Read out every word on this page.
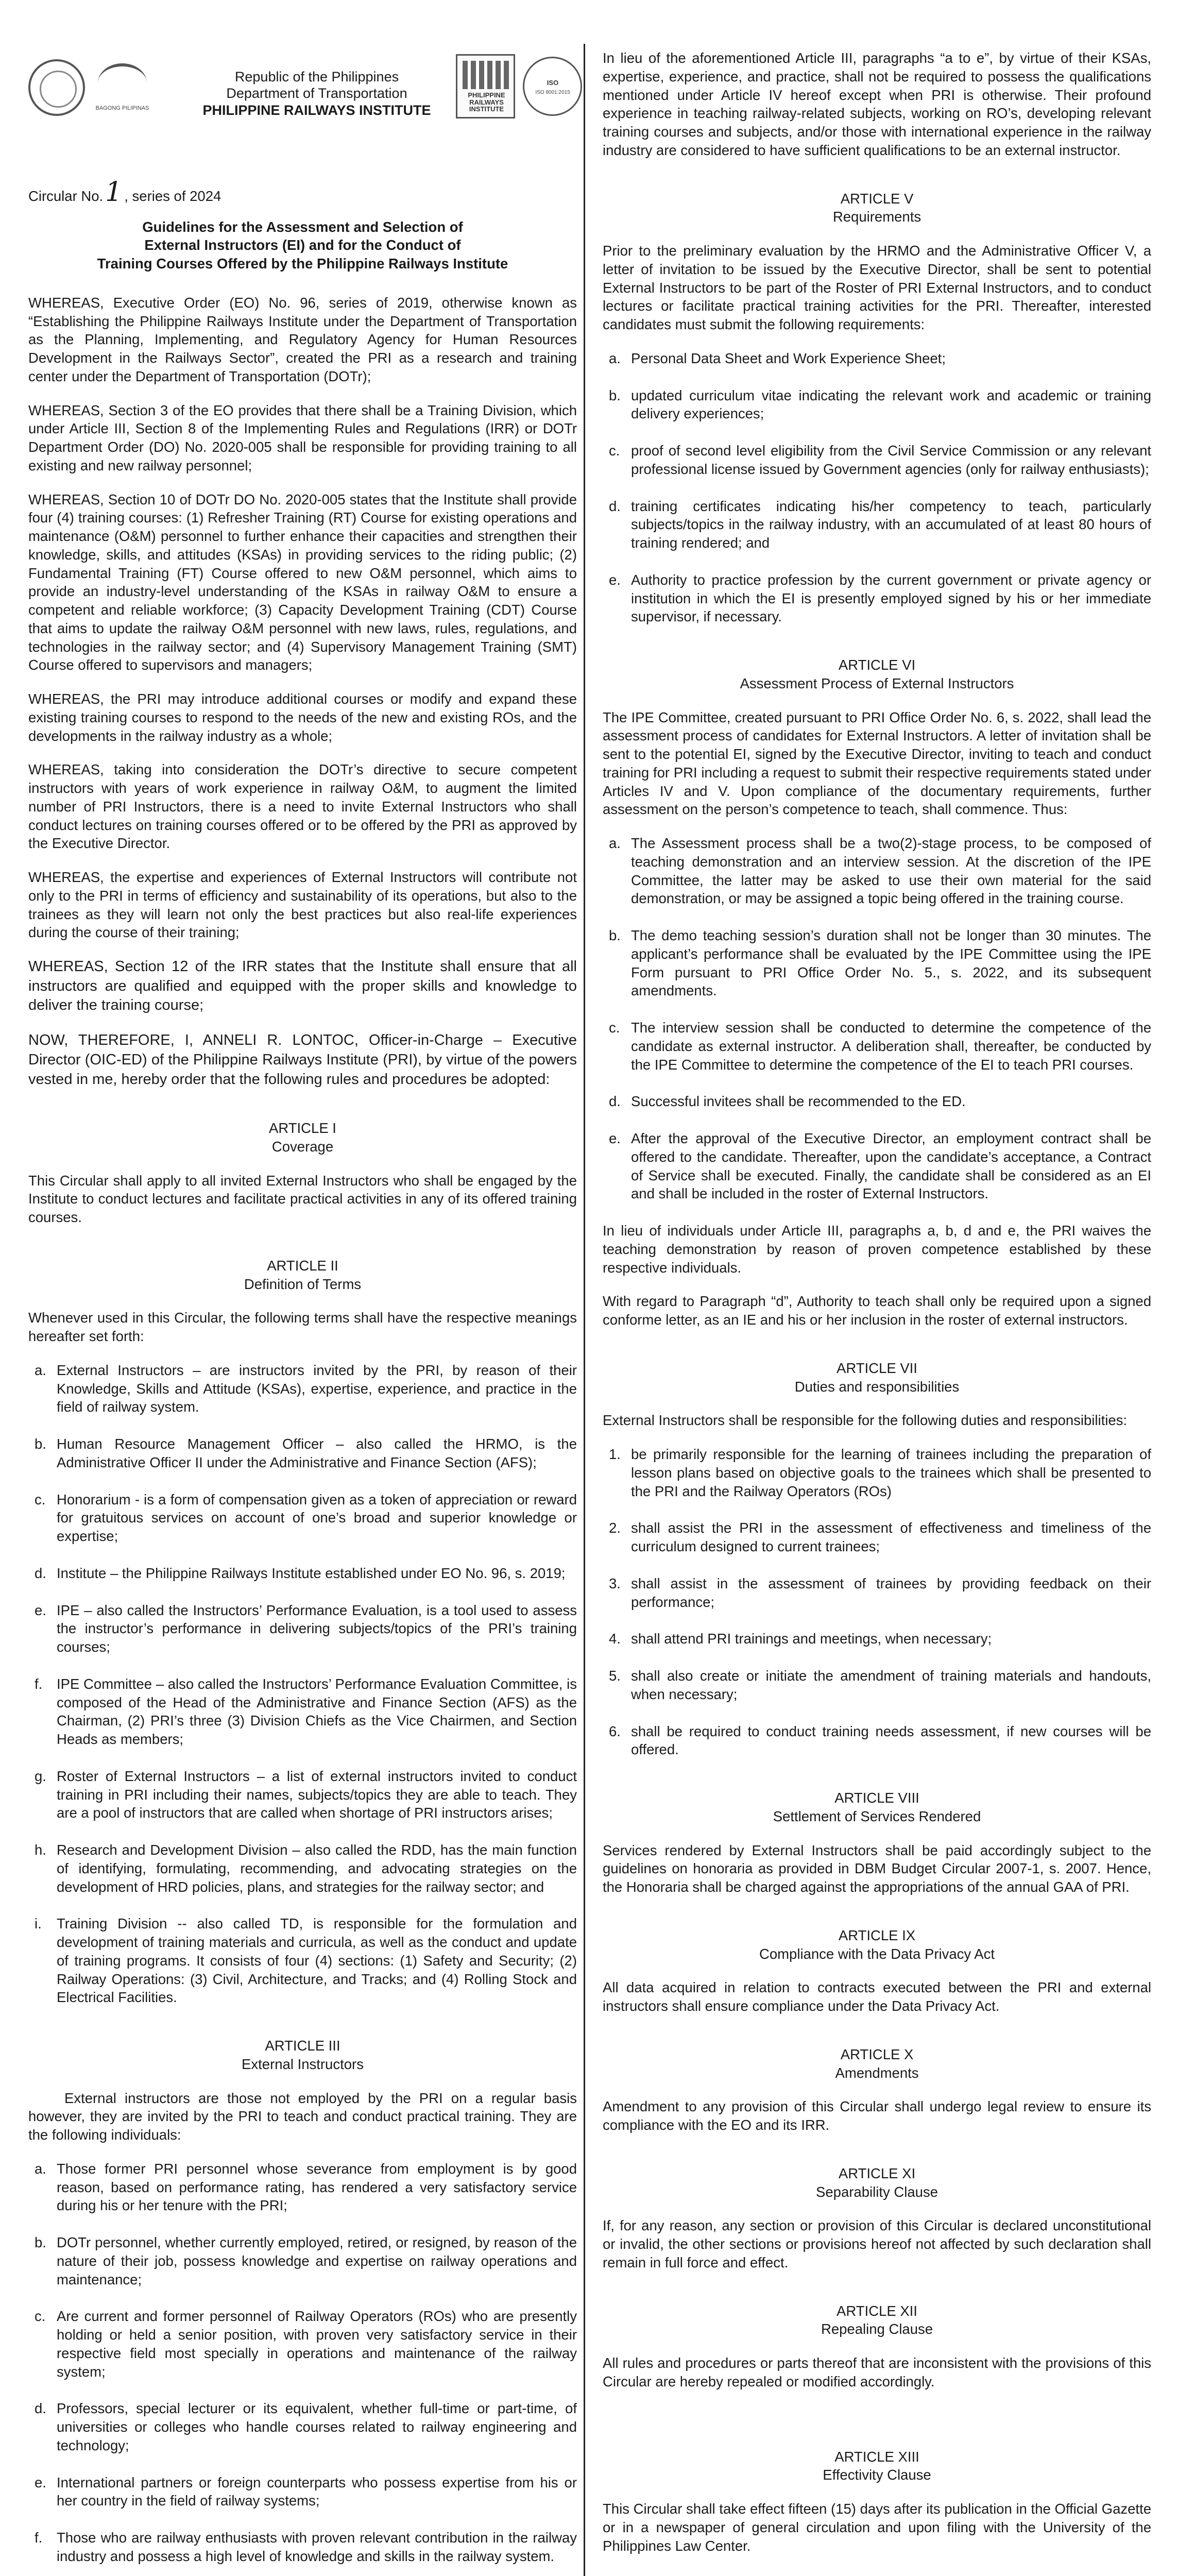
BAGONG PILIPINAS
Republic of the Philippines
Department of Transportation
PHILIPPINE RAILWAYS INSTITUTE
PHILIPPINE RAILWAYS INSTITUTE
ISO
ISO 9001:2015
Circular No.1 , series of 2024
Guidelines for the Assessment and Selection of
External Instructors (EI) and for the Conduct of
Training Courses Offered by the Philippine Railways Institute

WHEREAS, Executive Order (EO) No. 96, series of 2019, otherwise known as “Establishing the Philippine Railways Institute under the Department of Transportation as the Planning, Implementing, and Regulatory Agency for Human Resources Development in the Railways Sector”, created the PRI as a research and training center under the Department of Transportation (DOTr);

WHEREAS, Section 3 of the EO provides that there shall be a Training Division, which under Article III, Section 8 of the Implementing Rules and Regulations (IRR) or DOTr Department Order (DO) No. 2020-005 shall be responsible for providing training to all existing and new railway personnel;

WHEREAS, Section 10 of DOTr DO No. 2020-005 states that the Institute shall provide four (4) training courses: (1) Refresher Training (RT) Course for existing operations and maintenance (O&M) personnel to further enhance their capacities and strengthen their knowledge, skills, and attitudes (KSAs) in providing services to the riding public; (2) Fundamental Training (FT) Course offered to new O&M personnel, which aims to provide an industry-level understanding of the KSAs in railway O&M to ensure a competent and reliable workforce; (3) Capacity Development Training (CDT) Course that aims to update the railway O&M personnel with new laws, rules, regulations, and technologies in the railway sector; and (4) Supervisory Management Training (SMT) Course offered to supervisors and managers;

WHEREAS, the PRI may introduce additional courses or modify and expand these existing training courses to respond to the needs of the new and existing ROs, and the developments in the railway industry as a whole;

WHEREAS, taking into consideration the DOTr’s directive to secure competent instructors with years of work experience in railway O&M, to augment the limited number of PRI Instructors, there is a need to invite External Instructors who shall conduct lectures on training courses offered or to be offered by the PRI as approved by the Executive Director.

WHEREAS, the expertise and experiences of External Instructors will contribute not only to the PRI in terms of efficiency and sustainability of its operations, but also to the trainees as they will learn not only the best practices but also real-life experiences during the course of their training;

WHEREAS, Section 12 of the IRR states that the Institute shall ensure that all instructors are qualified and equipped with the proper skills and knowledge to deliver the training course;

NOW, THEREFORE, I, ANNELI R. LONTOC, Officer-in-Charge – Executive Director (OIC-ED) of the Philippine Railways Institute (PRI), by virtue of the powers vested in me, hereby order that the following rules and procedures be adopted:

ARTICLE I
Coverage

This Circular shall apply to all invited External Instructors who shall be engaged by the Institute to conduct lectures and facilitate practical activities in any of its offered training courses.

ARTICLE II
Definition of Terms

Whenever used in this Circular, the following terms shall have the respective meanings hereafter set forth:

a. External Instructors – are instructors invited by the PRI, by reason of their Knowledge, Skills and Attitude (KSAs), expertise, experience, and practice in the field of railway system.
b. Human Resource Management Officer – also called the HRMO, is the Administrative Officer II under the Administrative and Finance Section (AFS);
c. Honorarium - is a form of compensation given as a token of appreciation or reward for gratuitous services on account of one’s broad and superior knowledge or expertise;
d. Institute – the Philippine Railways Institute established under EO No. 96, s. 2019;
e. IPE – also called the Instructors’ Performance Evaluation, is a tool used to assess the instructor’s performance in delivering subjects/topics of the PRI’s training courses;
f.	IPE Committee – also called the Instructors’ Performance Evaluation Committee, is composed of the Head of the Administrative and Finance Section (AFS) as the Chairman, (2) PRI’s three (3) Division Chiefs as the Vice Chairmen, and Section Heads as members;
g. Roster of External Instructors – a list of external instructors invited to conduct training in PRI including their names, subjects/topics they are able to teach. They are a pool of instructors that are called when shortage of PRI instructors arises;
h. Research and Development Division – also called the RDD, has the main function of identifying, formulating, recommending, and advocating strategies on the development of HRD policies, plans, and strategies for the railway sector; and
i.	Training Division -- also called TD, is responsible for the formulation and development of training materials and curricula, as well as the conduct and update of training programs. It consists of four (4) sections: (1) Safety and Security; (2) Railway Operations: (3) Civil, Architecture, and Tracks; and (4) Rolling Stock and Electrical Facilities.
ARTICLE III
External Instructors

External instructors are those not employed by the PRI on a regular basis however, they are invited by the PRI to teach and conduct practical training. They are the following individuals:

a. Those former PRI personnel whose severance from employment is by good reason, based on performance rating, has rendered a very satisfactory service during his or her tenure with the PRI;
b. DOTr personnel, whether currently employed, retired, or resigned, by reason of the nature of their job, possess knowledge and expertise on railway operations and maintenance;
c. Are current and former personnel of Railway Operators (ROs) who are presently holding or held a senior position, with proven very satisfactory service in their respective field most specially in operations and maintenance of the railway system;
d. Professors, special lecturer or its equivalent, whether full-time or part-time, of universities or colleges who handle courses related to railway engineering and technology;
e. International partners or foreign counterparts who possess expertise from his or her country in the field of railway systems;
f.	Those who are railway enthusiasts with proven relevant contribution in the railway industry and possess a high level of knowledge and skills in the railway system.

In lieu of the aforementioned Article III, paragraphs “a to e”, by virtue of their KSAs, expertise, experience, and practice, shall not be required to possess the qualifications mentioned under Article IV hereof except when PRI is otherwise. Their profound experience in teaching railway-related subjects, working on RO’s, developing relevant training courses and subjects, and/or those with international experience in the railway industry are considered to have sufficient qualifications to be an external instructor.

ARTICLE V
Requirements

Prior to the preliminary evaluation by the HRMO and the Administrative Officer V, a letter of invitation to be issued by the Executive Director, shall be sent to potential External Instructors to be part of the Roster of PRI External Instructors, and to conduct lectures or facilitate practical training activities for the PRI. Thereafter, interested candidates must submit the following requirements:

a. Personal Data Sheet and Work Experience Sheet;
b. updated curriculum vitae indicating the relevant work and academic or training delivery experiences;
c. proof of second level eligibility from the Civil Service Commission or any relevant professional license issued by Government agencies (only for railway enthusiasts);
d. training certificates indicating his/her competency to teach, particularly subjects/topics in the railway industry, with an accumulated of at least 80 hours of training rendered; and
e. Authority to practice profession by the current government or private agency or institution in which the EI is presently employed signed by his or her immediate supervisor, if necessary.
ARTICLE VI
Assessment Process of External Instructors

The IPE Committee, created pursuant to PRI Office Order No. 6, s. 2022, shall lead the assessment process of candidates for External Instructors. A letter of invitation shall be sent to the potential EI, signed by the Executive Director, inviting to teach and conduct training for PRI including a request to submit their respective requirements stated under Articles IV and V. Upon compliance of the documentary requirements, further assessment on the person’s competence to teach, shall commence. Thus:

a. The Assessment process shall be a two(2)-stage process, to be composed of teaching demonstration and an interview session. At the discretion of the IPE Committee, the latter may be asked to use their own material for the said demonstration, or may be assigned a topic being offered in the training course.
b. The demo teaching session’s duration shall not be longer than 30 minutes. The applicant’s performance shall be evaluated by the IPE Committee using the IPE Form pursuant to PRI Office Order No. 5., s. 2022, and its subsequent amendments.
c. The interview session shall be conducted to determine the competence of the candidate as external instructor. A deliberation shall, thereafter, be conducted by the IPE Committee to determine the competence of the EI to teach PRI courses.
d. Successful invitees shall be recommended to the ED.
e. After the approval of the Executive Director, an employment contract shall be offered to the candidate. Thereafter, upon the candidate’s acceptance, a Contract of Service shall be executed. Finally, the candidate shall be considered as an EI and shall be included in the roster of External Instructors.

In lieu of individuals under Article III, paragraphs a, b, d and e, the PRI waives the teaching demonstration by reason of proven competence established by these respective individuals.

With regard to Paragraph “d”, Authority to teach shall only be required upon a signed conforme letter, as an IE and his or her inclusion in the roster of external instructors.

ARTICLE VII
Duties and responsibilities

External Instructors shall be responsible for the following duties and responsibilities:

1. be primarily responsible for the learning of trainees including the preparation of lesson plans based on objective goals to the trainees which shall be presented to the PRI and the Railway Operators (ROs)
2. shall assist the PRI in the assessment of effectiveness and timeliness of the curriculum designed to current trainees;
3. shall assist in the assessment of trainees by providing feedback on their performance;
4. shall attend PRI trainings and meetings, when necessary;
5. shall also create or initiate the amendment of training materials and handouts, when necessary;
6. shall be required to conduct training needs assessment, if new courses will be offered.
ARTICLE VIII
Settlement of Services Rendered

Services rendered by External Instructors shall be paid accordingly subject to the guidelines on honoraria as provided in DBM Budget Circular 2007-1, s. 2007. Hence, the Honoraria shall be charged against the appropriations of the annual GAA of PRI.

ARTICLE IX
Compliance with the Data Privacy Act

All data acquired in relation to contracts executed between the PRI and external instructors shall ensure compliance under the Data Privacy Act.

ARTICLE X
Amendments

Amendment to any provision of this Circular shall undergo legal review to ensure its compliance with the EO and its IRR.

ARTICLE XI
Separability Clause

If, for any reason, any section or provision of this Circular is declared unconstitutional or invalid, the other sections or provisions hereof not affected by such declaration shall remain in full force and effect.

ARTICLE XII
Repealing Clause

All rules and procedures or parts thereof that are inconsistent with the provisions of this Circular are hereby repealed or modified accordingly.

ARTICLE XIII
Effectivity Clause

This Circular shall take effect fifteen (15) days after its publication in the Official Gazette or in a newspaper of general circulation and upon filing with the University of the Philippines Law Center.
